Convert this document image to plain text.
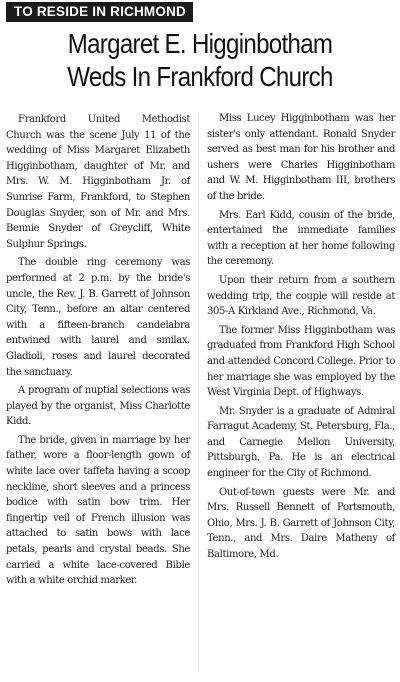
TO RESIDE IN RICHMOND
Margaret E. Higginbotham
Weds In Frankford Church

Frankford United Methodist Church was the scene July 11 of the wedding of Miss Margaret Elizabeth Higginbotham, daughter of Mr. and Mrs. W. M. Higginbotham Jr. of Sunrise Farm, Frankford, to Stephen Douglas Snyder, son of Mr. and Mrs. Bennie Snyder of Greycliff, White Sulphur Springs.

The double ring ceremony was performed at 2 p.m. by the bride's uncle, the Rev. J. B. Garrett of Johnson City, Tenn., before an altar centered with a fifteen-branch candelabra entwined with laurel and smilax. Gladioli, roses and laurel decorated the sanctuary.

A program of nuptial selections was played by the organist, Miss Charlotte Kidd.

The bride, given in marriage by her father, wore a floor-length gown of white lace over taffeta having a scoop neckline, short sleeves and a princess bodice with satin bow trim. Her fingertip veil of French illusion was attached to satin bows with lace petals, pearls and crystal beads. She carried a white lace-covered Bible with a white orchid marker.

Miss Lucey Higginbotham was her sister's only attendant. Ronald Snyder served as best man for his brother and ushers were Charles Higginbotham and W. M. Higginbotham III, brothers of the bride.

Mrs. Earl Kidd, cousin of the bride, entertained the immediate families with a reception at her home following the ceremony.

Upon their return from a southern wedding trip, the couple will reside at 305-A Kirkland Ave., Richmond, Va.

The former Miss Higginbotham was graduated from Frankford High School and attended Concord College. Prior to her marriage she was employed by the West Virginia Dept. of Highways.

Mr. Snyder is a graduate of Admiral Farragut Academy, St. Petersburg, Fla., and Carnegie Mellon University, Pittsburgh, Pa. He is an electrical engineer for the City of Richmond.

Out-of-town guests were Mr. and Mrs. Russell Bennett of Portsmouth, Ohio, Mrs. J. B. Garrett of Johnson City, Tenn., and Mrs. Daire Matheny of Baltimore, Md.
